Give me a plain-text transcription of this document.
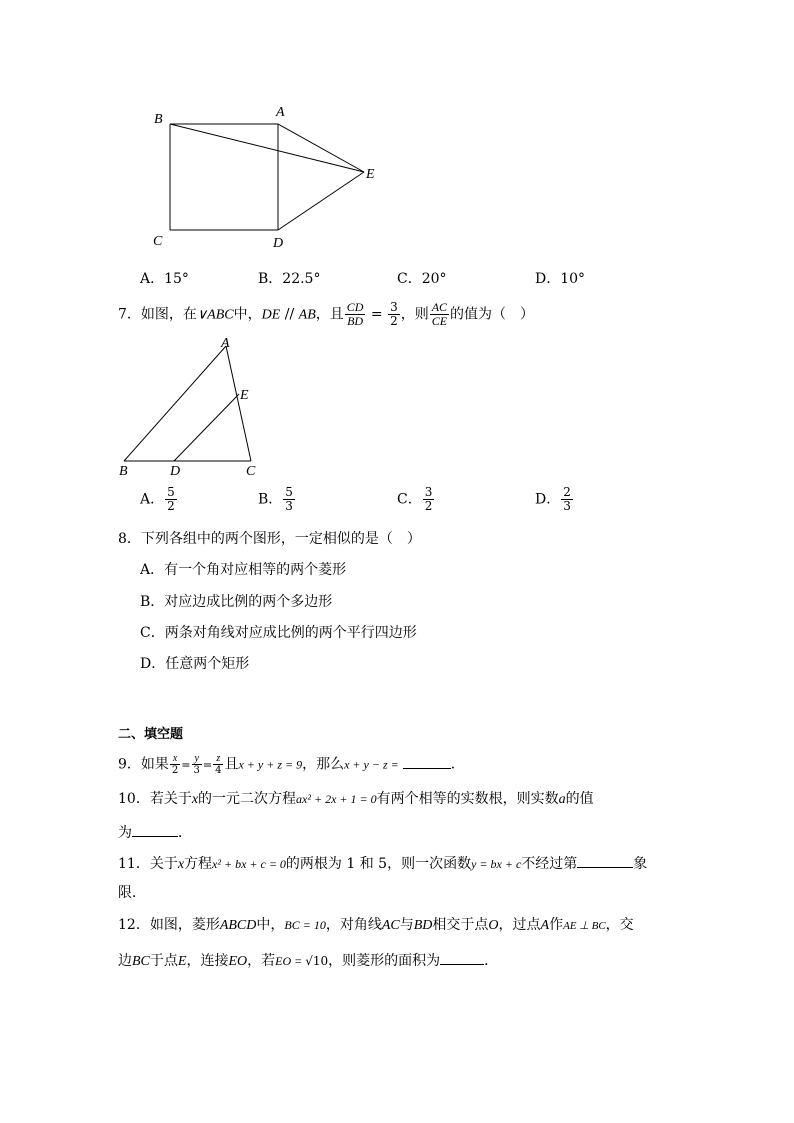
B	A
E
C	D
A．15°	B．22.5°	C．20°	D．10°
7．如图，在∨ABC中，DE // AB，且 $\frac{CD}{BD} = \frac{3}{2}$ ，则 $\frac{AC}{CE}$ 的值为（　）
A
E
B	D	C
A． $\frac{5}{2}$	B． $\frac{5}{3}$	C． $\frac{3}{2}$	D． $\frac{2}{3}$
8．下列各组中的两个图形，一定相似的是（　）
A．有一个角对应相等的两个菱形
B．对应边成比例的两个多边形
C．两条对角线对应成比例的两个平行四边形
D．任意两个矩形
二、填空题
9．如果 $\frac{x}{2} = \frac{y}{3} = \frac{z}{4}$ 且x + y + z = 9，那么x + y − z =	．
10．若关于x的一元二次方程ax² + 2x + 1 = 0有两个相等的实数根，则实数a的值
为	．
11．关于x方程x² + bx + c = 0的两根为 1 和 5，则一次函数y = bx + c不经过第	象
限．
12．如图，菱形ABCD中，BC = 10，对角线AC与BD相交于点O，过点A作AE ⊥ BC，交
边BC于点E，连接EO，若EO = √10，则菱形的面积为	．
